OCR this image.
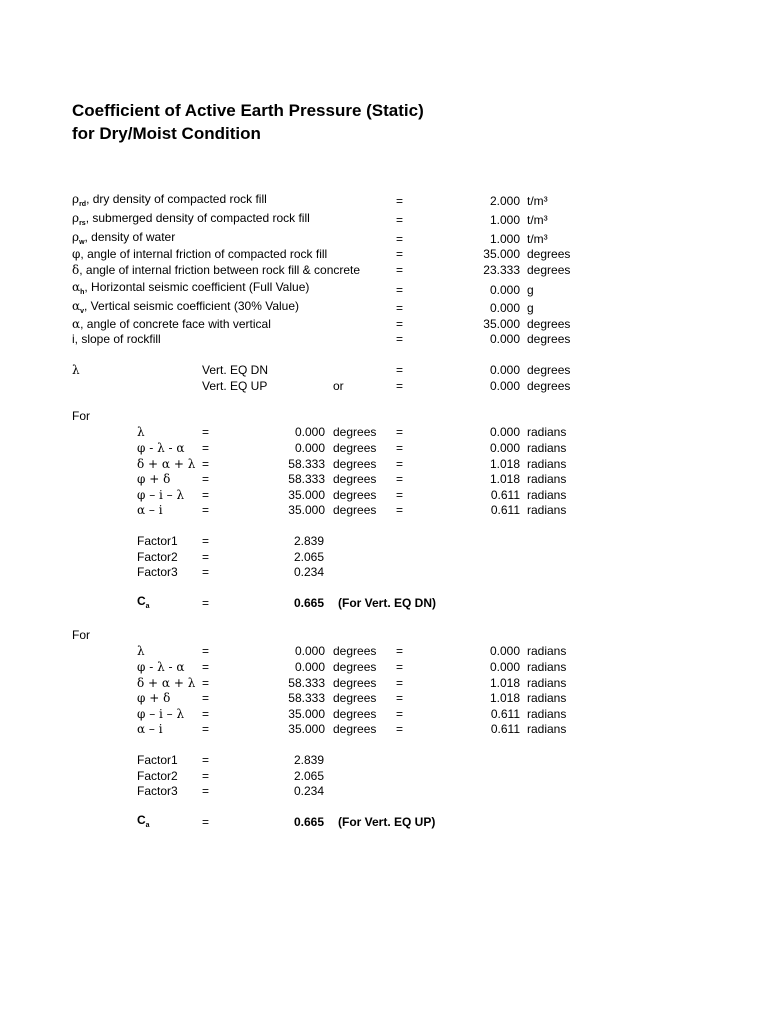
Coefficient of Active Earth Pressure (Static)
for Dry/Moist Condition
$\rho_{rd}$, dry density of compacted rock fill	=	2.000 t/m³
$\rho_{rs}$, submerged density of compacted rock fill	=	1.000 t/m³
$\rho_w$, density of water	=	1.000 t/m³
φ, angle of internal friction of compacted rock fill	=	35.000 degrees
δ, angle of internal friction between rock fill & concrete	=	23.333 degrees
$\alpha_h$, Horizontal seismic coefficient (Full Value)	=	0.000 g
$\alpha_v$, Vertical seismic coefficient (30% Value)	=	0.000 g
α, angle of concrete face with vertical	=	35.000 degrees
i, slope of rockfill	=	0.000 degrees
λ	Vert. EQ DN	=	0.000 degrees
Vert. EQ UP	or	=	0.000 degrees
For
λ	=	0.000 degrees =	0.000 radians
φ - λ - α =	0.000 degrees =	0.000 radians
δ + α + λ =	58.333 degrees =	1.018 radians
φ + δ	=	58.333 degrees =	1.018 radians
φ – i – λ =	35.000 degrees =	0.611 radians
α – i	=	35.000 degrees =	0.611 radians
Factor1 =	2.839
Factor2 =	2.065
Factor3 =	0.234
$C_a$	=	0.665 (For Vert. EQ DN)
For
λ	=	0.000 degrees =	0.000 radians
φ - λ - α =	0.000 degrees =	0.000 radians
δ + α + λ =	58.333 degrees =	1.018 radians
φ + δ	=	58.333 degrees =	1.018 radians
φ – i – λ =	35.000 degrees =	0.611 radians
α – i	=	35.000 degrees =	0.611 radians
Factor1 =	2.839
Factor2 =	2.065
Factor3 =	0.234
$C_a$	=	0.665 (For Vert. EQ UP)
